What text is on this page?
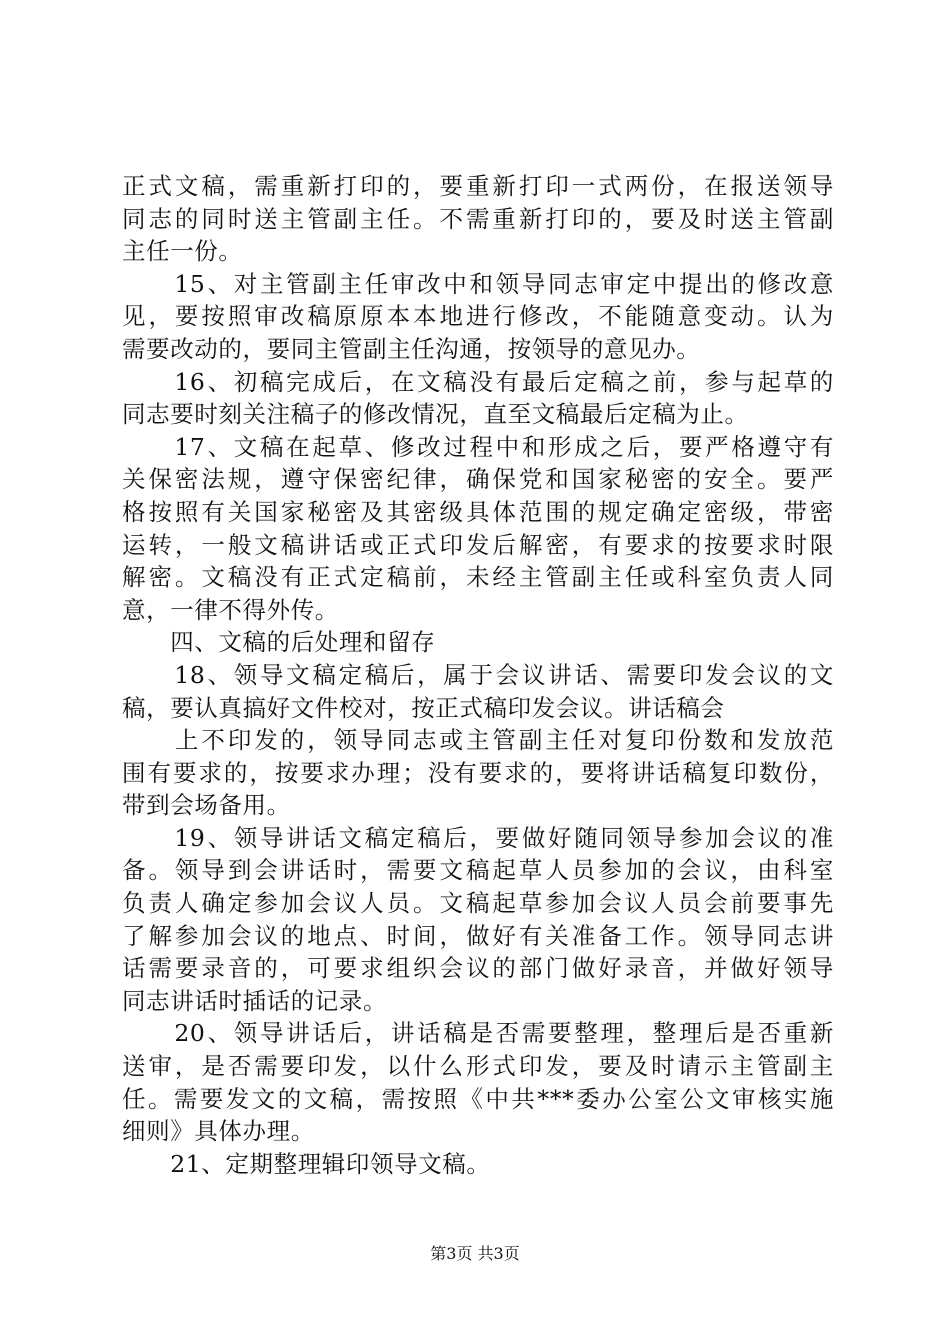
正式文稿，需重新打印的，要重新打印一式两份，在报送领导
同志的同时送主管副主任。不需重新打印的，要及时送主管副
主任一份。
　　15、对主管副主任审改中和领导同志审定中提出的修改意
见，要按照审改稿原原本本地进行修改，不能随意变动。认为
需要改动的，要同主管副主任沟通，按领导的意见办。
　　16、初稿完成后，在文稿没有最后定稿之前，参与起草的
同志要时刻关注稿子的修改情况，直至文稿最后定稿为止。
　　17、文稿在起草、修改过程中和形成之后，要严格遵守有
关保密法规，遵守保密纪律，确保党和国家秘密的安全。要严
格按照有关国家秘密及其密级具体范围的规定确定密级，带密
运转，一般文稿讲话或正式印发后解密，有要求的按要求时限
解密。文稿没有正式定稿前，未经主管副主任或科室负责人同
意，一律不得外传。
　　四、文稿的后处理和留存
　　18、领导文稿定稿后，属于会议讲话、需要印发会议的文
稿，要认真搞好文件校对，按正式稿印发会议。讲话稿会
　　上不印发的，领导同志或主管副主任对复印份数和发放范
围有要求的，按要求办理；没有要求的，要将讲话稿复印数份，
带到会场备用。
　　19、领导讲话文稿定稿后，要做好随同领导参加会议的准
备。领导到会讲话时，需要文稿起草人员参加的会议，由科室
负责人确定参加会议人员。文稿起草参加会议人员会前要事先
了解参加会议的地点、时间，做好有关准备工作。领导同志讲
话需要录音的，可要求组织会议的部门做好录音，并做好领导
同志讲话时插话的记录。
　　20、领导讲话后，讲话稿是否需要整理，整理后是否重新
送审，是否需要印发，以什么形式印发，要及时请示主管副主
任。需要发文的文稿，需按照《中共***委办公室公文审核实施
细则》具体办理。
　　21、定期整理辑印领导文稿。
第3页 共3页
